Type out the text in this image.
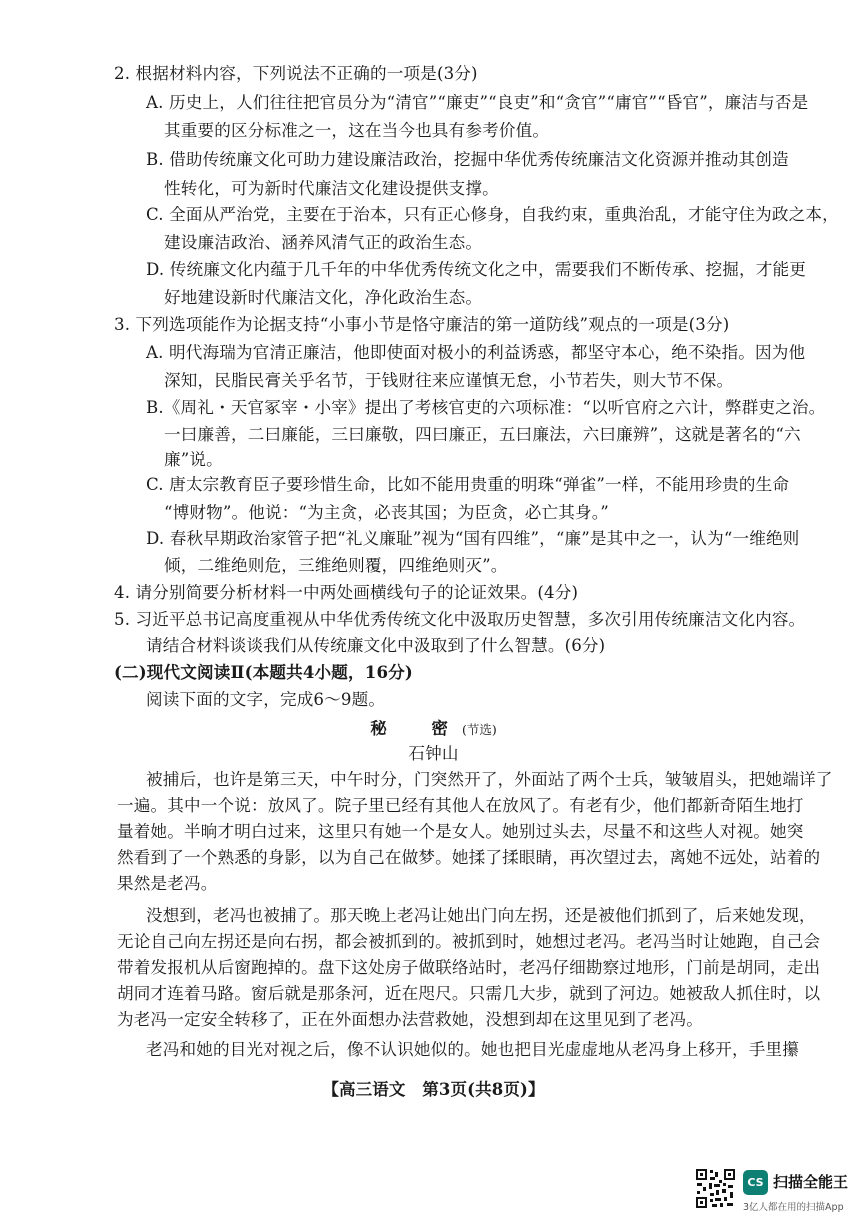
2. 根据材料内容，下列说法不正确的一项是(3分)
A. 历史上，人们往往把官员分为“清官”“廉吏”“良吏”和“贪官”“庸官”“昏官”，廉洁与否是
其重要的区分标准之一，这在当今也具有参考价值。
B. 借助传统廉文化可助力建设廉洁政治，挖掘中华优秀传统廉洁文化资源并推动其创造
性转化，可为新时代廉洁文化建设提供支撑。
C. 全面从严治党，主要在于治本，只有正心修身，自我约束，重典治乱，才能守住为政之本，
建设廉洁政治、涵养风清气正的政治生态。
D. 传统廉文化内蕴于几千年的中华优秀传统文化之中，需要我们不断传承、挖掘，才能更
好地建设新时代廉洁文化，净化政治生态。
3. 下列选项能作为论据支持“小事小节是恪守廉洁的第一道防线”观点的一项是(3分)
A. 明代海瑞为官清正廉洁，他即使面对极小的利益诱惑，都坚守本心，绝不染指。因为他
深知，民脂民膏关乎名节，于钱财往来应谨慎无怠，小节若失，则大节不保。
B.《周礼・天官冢宰・小宰》提出了考核官吏的六项标准：“以听官府之六计，弊群吏之治。
一曰廉善，二曰廉能，三曰廉敬，四曰廉正，五曰廉法，六曰廉辨”，这就是著名的“六
廉”说。
C. 唐太宗教育臣子要珍惜生命，比如不能用贵重的明珠“弹雀”一样，不能用珍贵的生命
“博财物”。他说：“为主贪，必丧其国；为臣贪，必亡其身。”
D. 春秋早期政治家管子把“礼义廉耻”视为“国有四维”，“廉”是其中之一，认为“一维绝则
倾，二维绝则危，三维绝则覆，四维绝则灭”。
4. 请分别简要分析材料一中两处画横线句子的论证效果。(4分)
5. 习近平总书记高度重视从中华优秀传统文化中汲取历史智慧，多次引用传统廉洁文化内容。
请结合材料谈谈我们从传统廉文化中汲取到了什么智慧。(6分)
(二)现代文阅读Ⅱ(本题共4小题，16分)
阅读下面的文字，完成6～9题。
秘　密(节选)
石钟山
被捕后，也许是第三天，中午时分，门突然开了，外面站了两个士兵，皱皱眉头，把她端详了
一遍。其中一个说：放风了。院子里已经有其他人在放风了。有老有少，他们都新奇陌生地打
量着她。半晌才明白过来，这里只有她一个是女人。她别过头去，尽量不和这些人对视。她突
然看到了一个熟悉的身影，以为自己在做梦。她揉了揉眼睛，再次望过去，离她不远处，站着的
果然是老冯。
没想到，老冯也被捕了。那天晚上老冯让她出门向左拐，还是被他们抓到了，后来她发现，
无论自己向左拐还是向右拐，都会被抓到的。被抓到时，她想过老冯。老冯当时让她跑，自己会
带着发报机从后窗跑掉的。盘下这处房子做联络站时，老冯仔细勘察过地形，门前是胡同，走出
胡同才连着马路。窗后就是那条河，近在咫尺。只需几大步，就到了河边。她被敌人抓住时，以
为老冯一定安全转移了，正在外面想办法营救她，没想到却在这里见到了老冯。
老冯和她的目光对视之后，像不认识她似的。她也把目光虚虚地从老冯身上移开，手里攥
【高三语文　第3页(共8页)】
CS 扫描全能王
3亿人都在用的扫描App
